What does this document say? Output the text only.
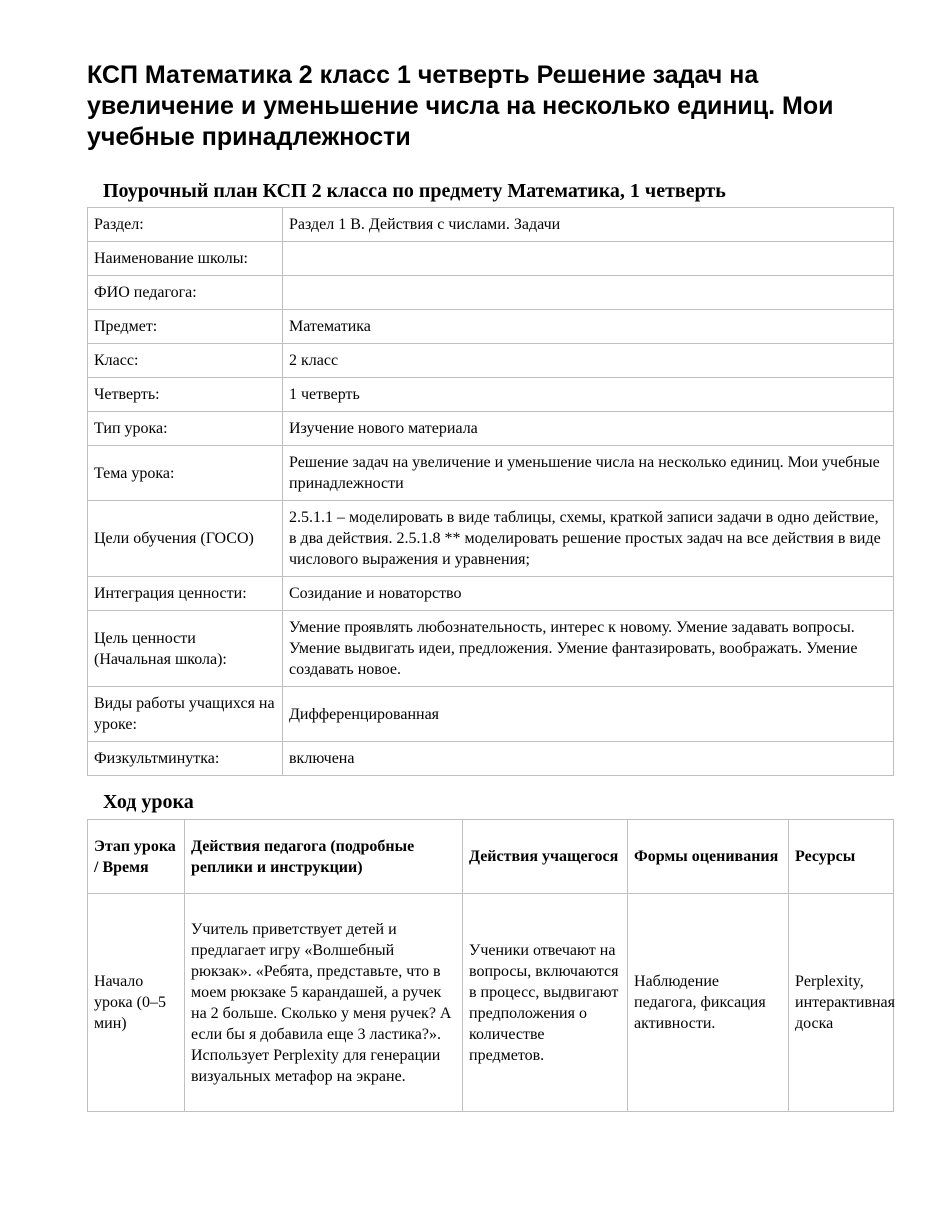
КСП Математика 2 класс 1 четверть Решение задач на увеличение и уменьшение числа на несколько единиц. Мои учебные принадлежности
Поурочный план КСП 2 класса по предмету Математика, 1 четверть
Раздел:	Раздел 1 B. Действия с числами. Задачи
Наименование школы:	
ФИО педагога:	
Предмет:	Математика
Класс:	2 класс
Четверть:	1 четверть
Тип урока:	Изучение нового материала
Тема урока:	Решение задач на увеличение и уменьшение числа на несколько единиц. Мои учебные принадлежности
Цели обучения (ГОСО)	2.5.1.1 – моделировать в виде таблицы, схемы, краткой записи задачи в одно действие, в два действия. 2.5.1.8 ** моделировать решение простых задач на все действия в виде числового выражения и уравнения;
Интеграция ценности:	Созидание и новаторство
Цель ценности (Начальная школа):	Умение проявлять любознательность, интерес к новому. Умение задавать вопросы. Умение выдвигать идеи, предложения. Умение фантазировать, воображать. Умение создавать новое.
Виды работы учащихся на уроке:	Дифференцированная
Физкультминутка:	включена
Ход урока
Этап урока / Время	Действия педагога (подробные реплики и инструкции)	Действия учащегося	Формы оценивания	Ресурсы
Начало урока (0–5 мин)	Учитель приветствует детей и предлагает игру «Волшебный рюкзак». «Ребята, представьте, что в моем рюкзаке 5 карандашей, а ручек на 2 больше. Сколько у меня ручек? А если бы я добавила еще 3 ластика?». Использует Perplexity для генерации визуальных метафор на экране.	Ученики отвечают на вопросы, включаются в процесс, выдвигают предположения о количестве предметов.	Наблюдение педагога, фиксация активности.	Perplexity, интерактивная доска
